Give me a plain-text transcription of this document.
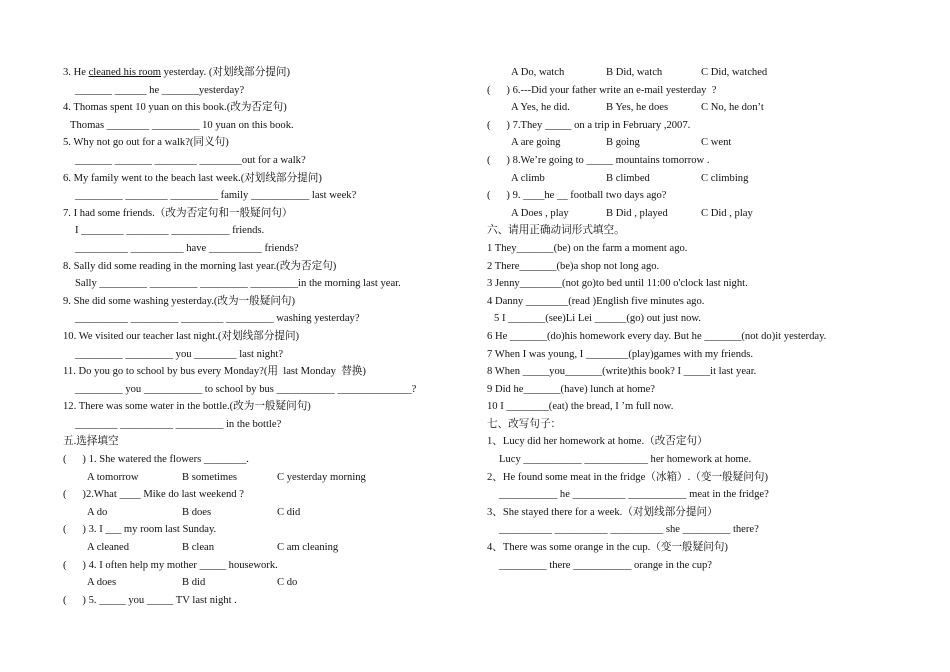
3. He cleaned his room yesterday. (对划线部分提问)
_______ ______ he _______yesterday?
4. Thomas spent 10 yuan on this book.(改为否定句)
Thomas ________ _________ 10 yuan on this book.
5. Why not go out for a walk?(同义句)
_______ _______ ________ ________out for a walk?
6. My family went to the beach last week.(对划线部分提问)
_________ ________ _________ family ___________ last week?
7. I had some friends.（改为否定句和一般疑问句）
I ________ ________ ___________ friends.
__________ __________ have __________ friends?
8. Sally did some reading in the morning last year.(改为否定句)
Sally _________ _________ _________ _________in the morning last year.
9. She did some washing yesterday.(改为一般疑问句)
__________ _________ ________ _________ washing yesterday?
10. We visited our teacher last night.(对划线部分提问)
_________ _________ you ________ last night?
11. Do you go to school by bus every Monday?(用  last Monday  替换)
_________ you ___________ to school by bus ___________ ______________?
12. There was some water in the bottle.(改为一般疑问句)
________ __________ _________ in the bottle?
五.选择填空
(      ) 1. She watered the flowers ________.
A tomorrow	B sometimes	C yesterday morning
(      )2.What ____ Mike do last weekend ?
A do	B does	C did
(      ) 3. I ___ my room last Sunday.
A cleaned	B clean	C am cleaning
(      ) 4. I often help my mother _____ housework.
A does	B did	C do
(      ) 5. _____ you _____ TV last night .
A Do, watch	B Did, watch	C Did, watched
(      ) 6.---Did your father write an e-mail yesterday  ?
A Yes, he did.	B Yes, he does	C No, he don’t
(      ) 7.They _____ on a trip in February ,2007.
A are going	B going	C went
(      ) 8.We’re going to _____ mountains tomorrow .
A climb	B climbed	C climbing
(      ) 9. ____he __ football two days ago?
A Does , play	B Did , played	C Did , play
六、请用正确动词形式填空。
1 They_______(be) on the farm a moment ago.
2 There_______(be)a shop not long ago.
3 Jenny________(not go)to bed until 11:00 o'clock last night.
4 Danny ________(read )English five minutes ago.
5 I _______(see)Li Lei ______(go) out just now.
6 He _______(do)his homework every day. But he _______(not do)it yesterday.
7 When I was young, I ________(play)games with my friends.
8 When _____you_______(write)this book? I _____it last year.
9 Did he_______(have) lunch at home?
10 I ________(eat) the bread, I ’m full now.
七、改写句子：
1、Lucy did her homework at home.（改否定句）
Lucy ___________ ____________ her homework at home.
2、He found some meat in the fridge（冰箱）.（变一般疑问句)
___________ he __________ ___________ meat in the fridge?
3、She stayed there for a week.（对划线部分提问）
__________ __________ __________ she _________ there?
4、There was some orange in the cup.（变一般疑问句)
_________ there ___________ orange in the cup?
